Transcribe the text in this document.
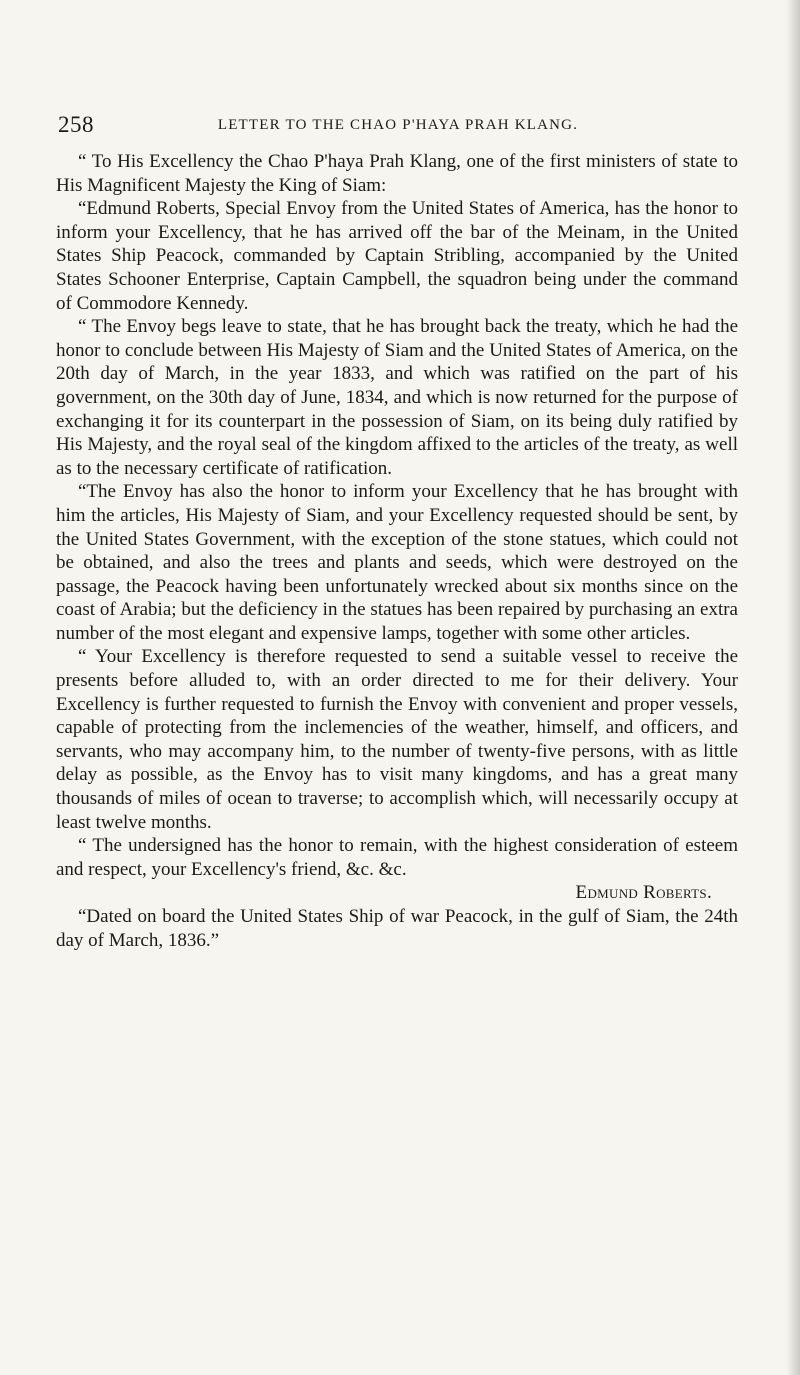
258	LETTER TO THE CHAO P'HAYA PRAH KLANG.

“ To His Excellency the Chao P'haya Prah Klang, one of the first ministers of state to His Magnificent Majesty the King of Siam:

“Edmund Roberts, Special Envoy from the United States of America, has the honor to inform your Excellency, that he has arrived off the bar of the Meinam, in the United States Ship Peacock, commanded by Captain Stribling, accompanied by the United States Schooner Enterprise, Captain Campbell, the squadron being under the command of Commodore Kennedy.

“ The Envoy begs leave to state, that he has brought back the treaty, which he had the honor to conclude between His Majesty of Siam and the United States of America, on the 20th day of March, in the year 1833, and which was ratified on the part of his government, on the 30th day of June, 1834, and which is now returned for the purpose of exchanging it for its counterpart in the possession of Siam, on its being duly ratified by His Majesty, and the royal seal of the kingdom affixed to the articles of the treaty, as well as to the necessary certificate of ratification.

“The Envoy has also the honor to inform your Excellency that he has brought with him the articles, His Majesty of Siam, and your Excellency requested should be sent, by the United States Government, with the exception of the stone statues, which could not be obtained, and also the trees and plants and seeds, which were destroyed on the passage, the Peacock having been unfortunately wrecked about six months since on the coast of Arabia; but the deficiency in the statues has been repaired by purchasing an extra number of the most elegant and expensive lamps, together with some other articles.

“ Your Excellency is therefore requested to send a suitable vessel to receive the presents before alluded to, with an order directed to me for their delivery. Your Excellency is further requested to furnish the Envoy with convenient and proper vessels, capable of protecting from the inclemencies of the weather, himself, and officers, and servants, who may accompany him, to the number of twenty-five persons, with as little delay as possible, as the Envoy has to visit many kingdoms, and has a great many thousands of miles of ocean to traverse; to accomplish which, will necessarily occupy at least twelve months.

“ The undersigned has the honor to remain, with the highest consideration of esteem and respect, your Excellency's friend, &c. &c.

Edmund Roberts.

“Dated on board the United States Ship of war Peacock, in the gulf of Siam, the 24th day of March, 1836.”
